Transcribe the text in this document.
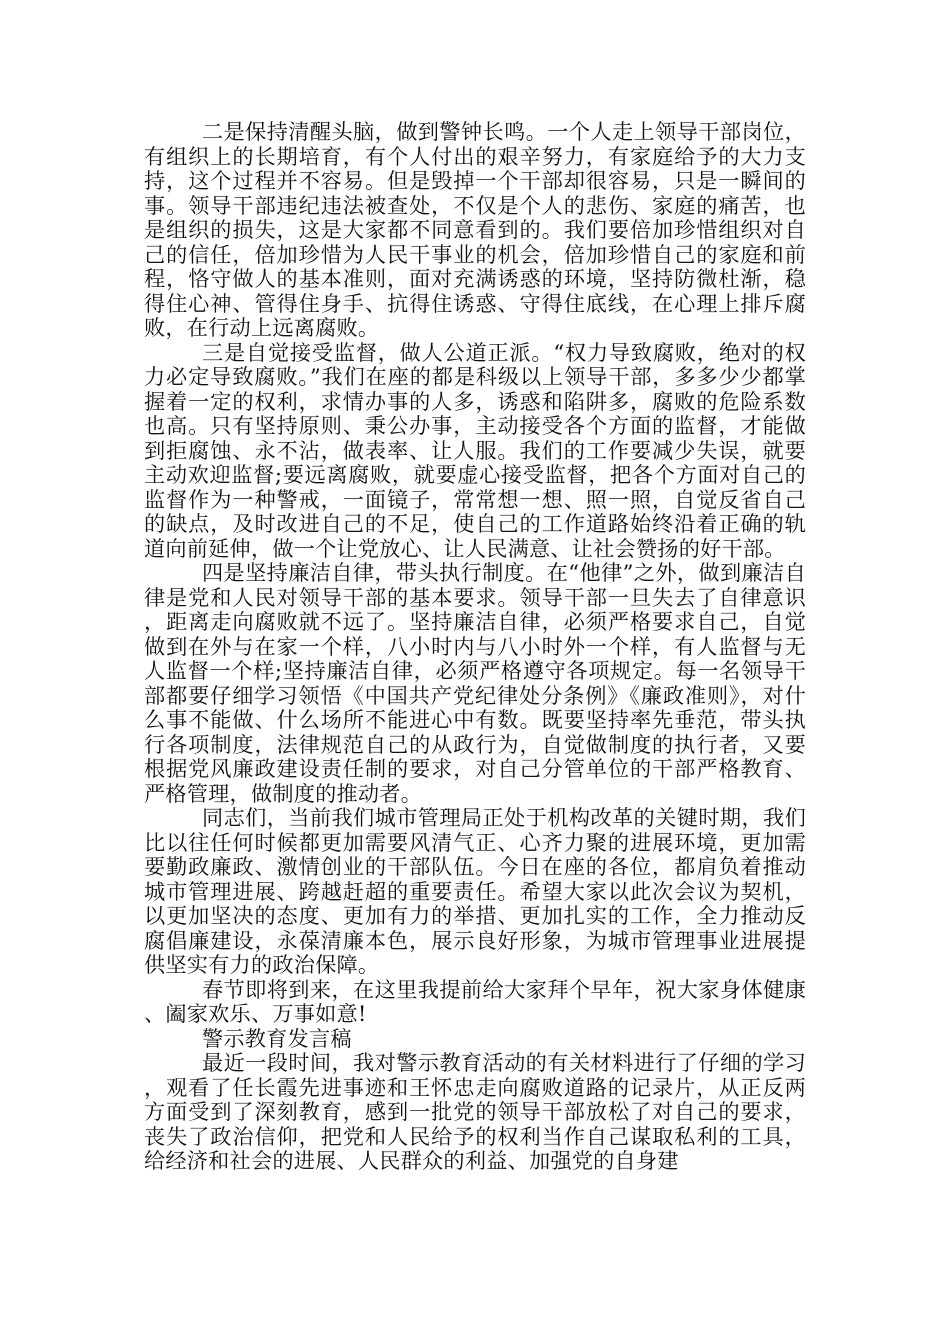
二是保持清醒头脑，做到警钟长鸣。一个人走上领导干部岗位，有组织上的长期培育，有个人付出的艰辛努力，有家庭给予的大力支持，这个过程并不容易。但是毁掉一个干部却很容易，只是一瞬间的事。领导干部违纪违法被查处，不仅是个人的悲伤、家庭的痛苦，也是组织的损失，这是大家都不同意看到的。我们要倍加珍惜组织对自己的信任，倍加珍惜为人民干事业的机会，倍加珍惜自己的家庭和前程，恪守做人的基本准则，面对充满诱惑的环境，坚持防微杜渐，稳得住心神、管得住身手、抗得住诱惑、守得住底线，在心理上排斥腐败，在行动上远离腐败。

三是自觉接受监督，做人公道正派。“权力导致腐败，绝对的权力必定导致腐败。”我们在座的都是科级以上领导干部，多多少少都掌握着一定的权利，求情办事的人多，诱惑和陷阱多，腐败的危险系数也高。只有坚持原则、秉公办事，主动接受各个方面的监督，才能做到拒腐蚀、永不沾，做表率、让人服。我们的工作要减少失误，就要主动欢迎监督;要远离腐败，就要虚心接受监督，把各个方面对自己的监督作为一种警戒，一面镜子，常常想一想、照一照，自觉反省自己的缺点，及时改进自己的不足，使自己的工作道路始终沿着正确的轨道向前延伸，做一个让党放心、让人民满意、让社会赞扬的好干部。

四是坚持廉洁自律，带头执行制度。在“他律”之外，做到廉洁自律是党和人民对领导干部的基本要求。领导干部一旦失去了自律意识，距离走向腐败就不远了。坚持廉洁自律，必须严格要求自己，自觉做到在外与在家一个样，八小时内与八小时外一个样，有人监督与无人监督一个样;坚持廉洁自律，必须严格遵守各项规定。每一名领导干部都要仔细学习领悟《中国共产党纪律处分条例》《廉政准则》，对什么事不能做、什么场所不能进心中有数。既要坚持率先垂范，带头执行各项制度，法律规范自己的从政行为，自觉做制度的执行者，又要根据党风廉政建设责任制的要求，对自己分管单位的干部严格教育、严格管理，做制度的推动者。

同志们，当前我们城市管理局正处于机构改革的关键时期，我们比以往任何时候都更加需要风清气正、心齐力聚的进展环境，更加需要勤政廉政、激情创业的干部队伍。今日在座的各位，都肩负着推动城市管理进展、跨越赶超的重要责任。希望大家以此次会议为契机，以更加坚决的态度、更加有力的举措、更加扎实的工作，全力推动反腐倡廉建设，永葆清廉本色，展示良好形象，为城市管理事业进展提供坚实有力的政治保障。

春节即将到来，在这里我提前给大家拜个早年，祝大家身体健康、阖家欢乐、万事如意!

警示教育发言稿

最近一段时间，我对警示教育活动的有关材料进行了仔细的学习，观看了任长霞先进事迹和王怀忠走向腐败道路的记录片，从正反两方面受到了深刻教育，感到一批党的领导干部放松了对自己的要求，丧失了政治信仰，把党和人民给予的权利当作自己谋取私利的工具，给经济和社会的进展、人民群众的利益、加强党的自身建
